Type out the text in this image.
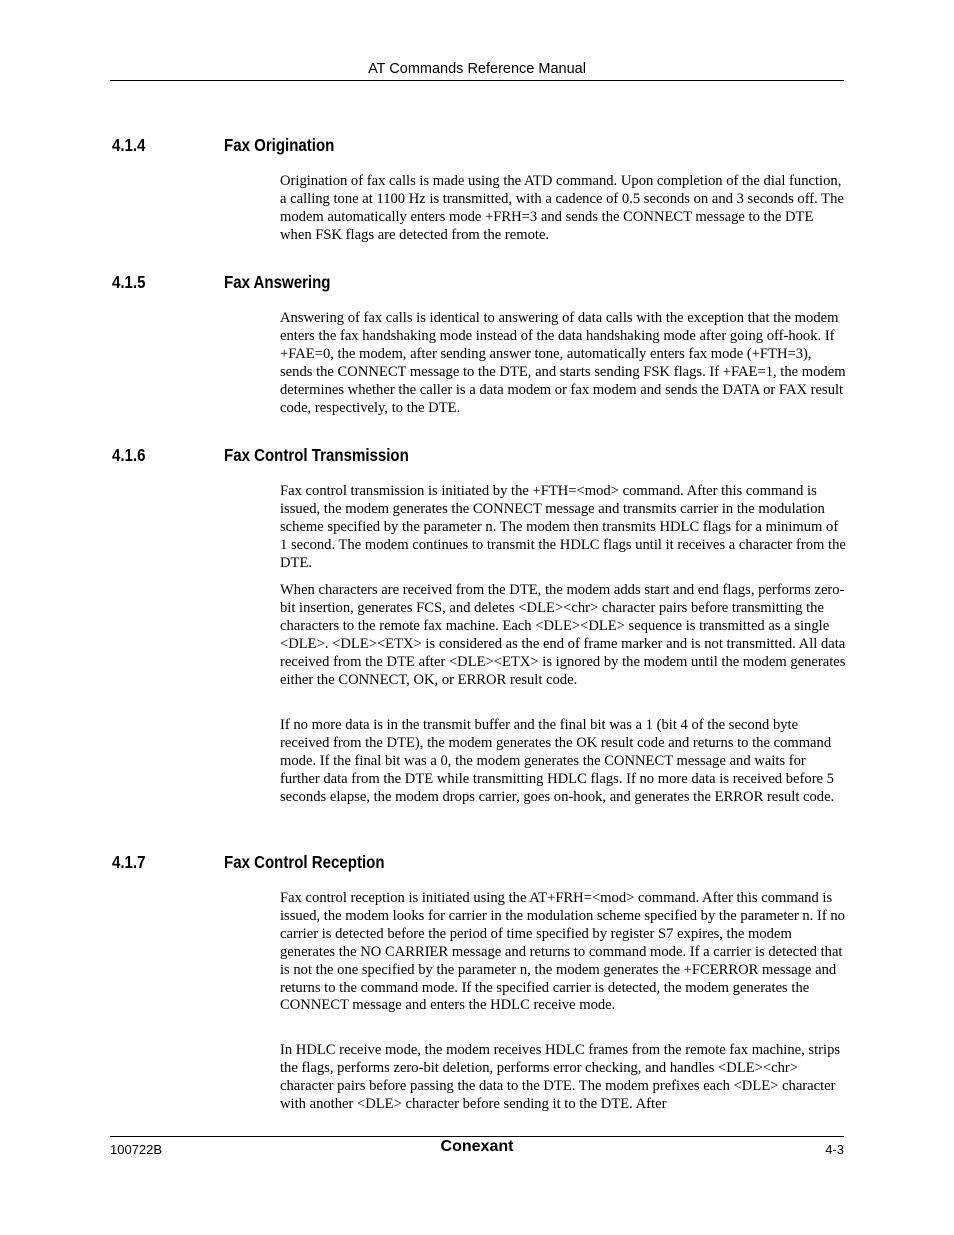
AT Commands Reference Manual
4.1.4	Fax Origination

Origination of fax calls is made using the ATD command. Upon completion of the dial function, a calling tone at 1100 Hz is transmitted, with a cadence of 0.5 seconds on and 3 seconds off. The modem automatically enters mode +FRH=3 and sends the CONNECT message to the DTE when FSK flags are detected from the remote.

4.1.5	Fax Answering

Answering of fax calls is identical to answering of data calls with the exception that the modem enters the fax handshaking mode instead of the data handshaking mode after going off-hook. If +FAE=0, the modem, after sending answer tone, automatically enters fax mode (+FTH=3), sends the CONNECT message to the DTE, and starts sending FSK flags. If +FAE=1, the modem determines whether the caller is a data modem or fax modem and sends the DATA or FAX result code, respectively, to the DTE.

4.1.6	Fax Control Transmission

Fax control transmission is initiated by the +FTH=<mod> command. After this command is issued, the modem generates the CONNECT message and transmits carrier in the modulation scheme specified by the parameter n. The modem then transmits HDLC flags for a minimum of 1 second. The modem continues to transmit the HDLC flags until it receives a character from the DTE.

When characters are received from the DTE, the modem adds start and end flags, performs zero-bit insertion, generates FCS, and deletes <DLE><chr> character pairs before transmitting the characters to the remote fax machine. Each <DLE><DLE> sequence is transmitted as a single <DLE>. <DLE><ETX> is considered as the end of frame marker and is not transmitted. All data received from the DTE after <DLE><ETX> is ignored by the modem until the modem generates either the CONNECT, OK, or ERROR result code.

If no more data is in the transmit buffer and the final bit was a 1 (bit 4 of the second byte received from the DTE), the modem generates the OK result code and returns to the command mode. If the final bit was a 0, the modem generates the CONNECT message and waits for further data from the DTE while transmitting HDLC flags. If no more data is received before 5 seconds elapse, the modem drops carrier, goes on-hook, and generates the ERROR result code.

4.1.7	Fax Control Reception

Fax control reception is initiated using the AT+FRH=<mod> command. After this command is issued, the modem looks for carrier in the modulation scheme specified by the parameter n. If no carrier is detected before the period of time specified by register S7 expires, the modem generates the NO CARRIER message and returns to command mode. If a carrier is detected that is not the one specified by the parameter n, the modem generates the +FCERROR message and returns to the command mode. If the specified carrier is detected, the modem generates the CONNECT message and enters the HDLC receive mode.

In HDLC receive mode, the modem receives HDLC frames from the remote fax machine, strips the flags, performs zero-bit deletion, performs error checking, and handles <DLE><chr> character pairs before passing the data to the DTE. The modem prefixes each <DLE> character with another <DLE> character before sending it to the DTE. After

100722B	Conexant	4-3
